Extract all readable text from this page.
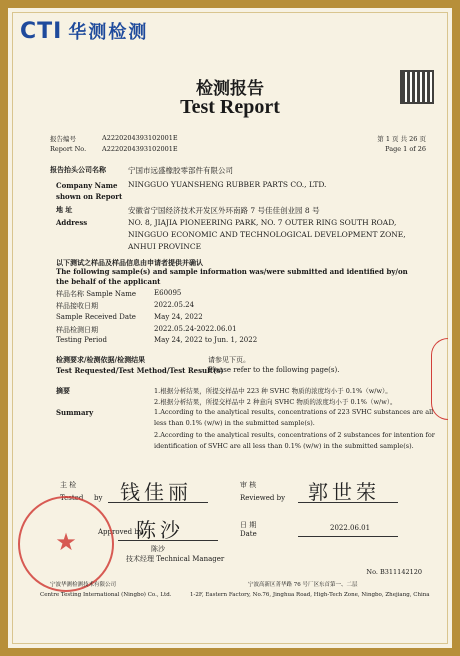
CTI 华测检测
检测报告
Test Report
报告编号	A2220204393102001E
Report No. A2220204393102001E
第 1 页 共 26 页
Page 1 of 26
报告抬头公司名称	宁国市远盛橡胶零部件有限公司
Company Name shown on Report
NINGGUO YUANSHENG RUBBER PARTS CO., LTD.
地 址	安徽省宁国经济技术开发区外环南路 7 号佳佳创业园 8 号
Address	NO. 8, JIAJIA PIONEERING PARK, NO. 7 OUTER RING SOUTH ROAD,
NINGGUO ECONOMIC AND TECHNOLOGICAL DEVELOPMENT ZONE,
ANHUI PROVINCE
以下测试之样品及样品信息由申请者提供并确认
The following sample(s) and sample information was/were submitted and identified by/on the behalf of the applicant
样品名称 Sample Name	E60095
样品接收日期	2022.05.24
Sample Received Date	May 24, 2022
样品检测日期	2022.05.24-2022.06.01
Testing Period	May 24, 2022 to Jun. 1, 2022
检测要求/检测依据/检测结果	请参见下页。
Test Requested/Test Method/Test Result(s)
Please refer to the following page(s).
摘要
Summary
1.根据分析结果，所提交样品中 223 种 SVHC 物质的浓度均小于 0.1%（w/w）。
2.根据分析结果，所提交样品中 2 种意向 SVHC 物质的浓度均小于 0.1%（w/w）。
1.According to the analytical results, concentrations of 223 SVHC substances are all
less than 0.1% (w/w) in the submitted sample(s).
2.According to the analytical results, concentrations of 2 substances for intention for
identification of SVHC are all less than 0.1% (w/w) in the submitted sample(s).
主 检
Tested by 钱佳丽	审 核
Reviewed by 郭世荣
Approved by
陈沙
陈沙
技术经理 Technical Manager
日 期
Date
2022.06.01
★
No. B311142120
宁波华测检测技术有限公司	宁波高新区菁华路 76 号厂区东首第一、二层
Centre Testing International (Ningbo) Co., Ltd.	1-2F, Eastern Factory, No.76, Jinghua Road, High-Tech Zone, Ningbo, Zhejiang, China
